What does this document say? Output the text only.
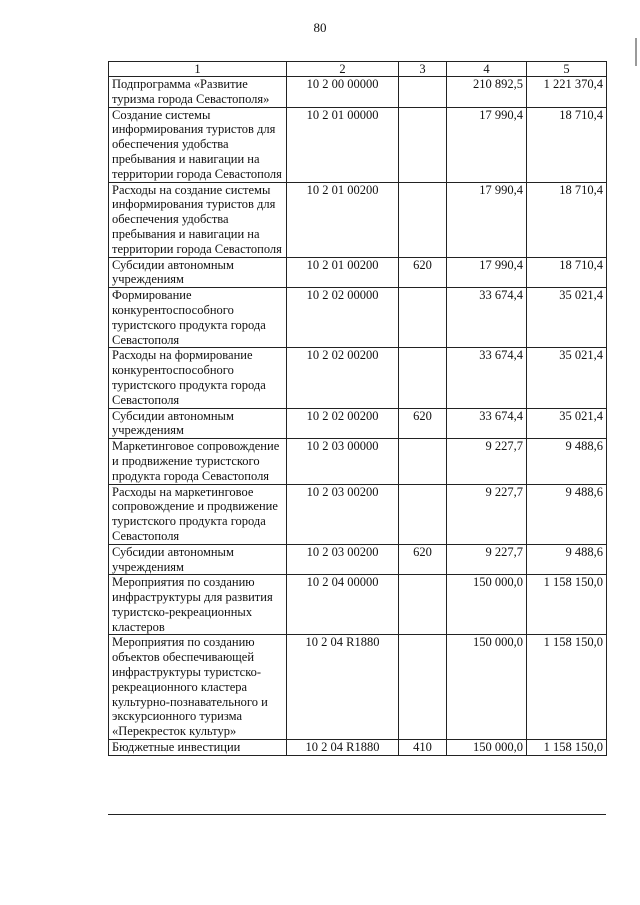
80
1	2	3	4	5
Подпрограмма «Развитие туризма города Севастополя»	10 2 00 00000		210 892,5	1 221 370,4
Создание системы информирования туристов для обеспечения удобства пребывания и навигации на территории города Севастополя	10 2 01 00000		17 990,4	18 710,4
Расходы на создание системы информирования туристов для обеспечения удобства пребывания и навигации на территории города Севастополя	10 2 01 00200		17 990,4	18 710,4
Субсидии автономным учреждениям	10 2 01 00200	620	17 990,4	18 710,4
Формирование конкурентоспособного туристского продукта города Севастополя	10 2 02 00000		33 674,4	35 021,4
Расходы на формирование конкурентоспособного туристского продукта города Севастополя	10 2 02 00200		33 674,4	35 021,4
Субсидии автономным учреждениям	10 2 02 00200	620	33 674,4	35 021,4
Маркетинговое сопровождение и продвижение туристского продукта города Севастополя	10 2 03 00000		9 227,7	9 488,6
Расходы на маркетинговое сопровождение и продвижение туристского продукта города Севастополя	10 2 03 00200		9 227,7	9 488,6
Субсидии автономным учреждениям	10 2 03 00200	620	9 227,7	9 488,6
Мероприятия по созданию инфраструктуры для развития туристско-рекреационных кластеров	10 2 04 00000		150 000,0	1 158 150,0
Мероприятия по созданию объектов обеспечивающей инфраструктуры туристско-рекреационного кластера культурно-познавательного и экскурсионного туризма «Перекресток культур»	10 2 04 R1880		150 000,0	1 158 150,0
Бюджетные инвестиции	10 2 04 R1880	410	150 000,0	1 158 150,0
